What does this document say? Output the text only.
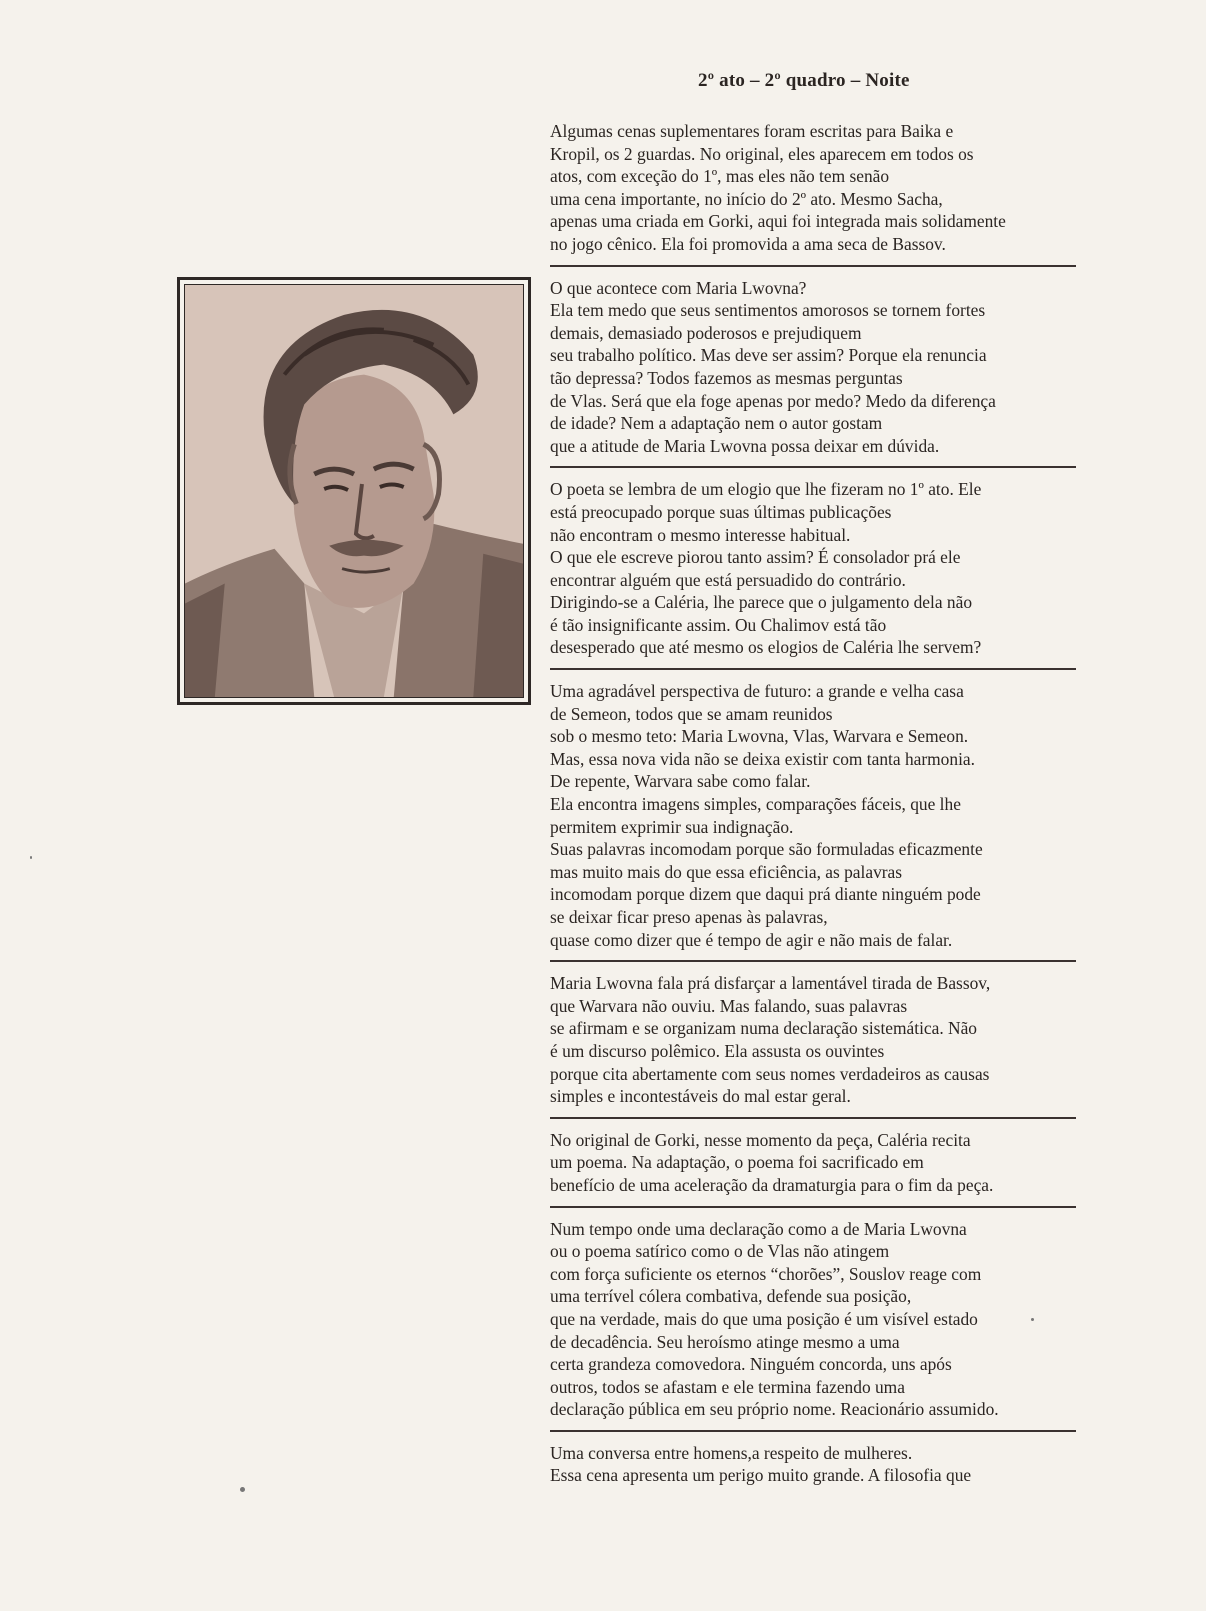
2º ato – 2º quadro – Noite

Algumas cenas suplementares foram escritas para Baika e

Kropil, os 2 guardas. No original, eles aparecem em todos os

atos, com exceção do 1º, mas eles não tem senão

uma cena importante, no início do 2º ato. Mesmo Sacha,

apenas uma criada em Gorki, aqui foi integrada mais solidamente

no jogo cênico. Ela foi promovida a ama seca de Bassov.

O que acontece com Maria Lwovna?

Ela tem medo que seus sentimentos amorosos se tornem fortes

demais, demasiado poderosos e prejudiquem

seu trabalho político. Mas deve ser assim? Porque ela renuncia

tão depressa? Todos fazemos as mesmas perguntas

de Vlas. Será que ela foge apenas por medo? Medo da diferença

de idade? Nem a adaptação nem o autor gostam

que a atitude de Maria Lwovna possa deixar em dúvida.

O poeta se lembra de um elogio que lhe fizeram no 1º ato. Ele

está preocupado porque suas últimas publicações

não encontram o mesmo interesse habitual.

O que ele escreve piorou tanto assim? É consolador prá ele

encontrar alguém que está persuadido do contrário.

Dirigindo-se a Caléria, lhe parece que o julgamento dela não

é tão insignificante assim. Ou Chalimov está tão

desesperado que até mesmo os elogios de Caléria lhe servem?

Uma agradável perspectiva de futuro: a grande e velha casa

de Semeon, todos que se amam reunidos

sob o mesmo teto: Maria Lwovna, Vlas, Warvara e Semeon.

Mas, essa nova vida não se deixa existir com tanta harmonia.

De repente, Warvara sabe como falar.

Ela encontra imagens simples, comparações fáceis, que lhe

permitem exprimir sua indignação.

Suas palavras incomodam porque são formuladas eficazmente

mas muito mais do que essa eficiência, as palavras

incomodam porque dizem que daqui prá diante ninguém pode

se deixar ficar preso apenas às palavras,

quase como dizer que é tempo de agir e não mais de falar.

Maria Lwovna fala prá disfarçar a lamentável tirada de Bassov,

que Warvara não ouviu. Mas falando, suas palavras

se afirmam e se organizam numa declaração sistemática. Não

é um discurso polêmico. Ela assusta os ouvintes

porque cita abertamente com seus nomes verdadeiros as causas

simples e incontestáveis do mal estar geral.

No original de Gorki, nesse momento da peça, Caléria recita

um poema. Na adaptação, o poema foi sacrificado em

benefício de uma aceleração da dramaturgia para o fim da peça.

Num tempo onde uma declaração como a de Maria Lwovna

ou o poema satírico como o de Vlas não atingem

com força suficiente os eternos “chorões”, Souslov reage com

uma terrível cólera combativa, defende sua posição,

que na verdade, mais do que uma posição é um visível estado

de decadência. Seu heroísmo atinge mesmo a uma

certa grandeza comovedora. Ninguém concorda, uns após

outros, todos se afastam e ele termina fazendo uma

declaração pública em seu próprio nome. Reacionário assumido.

Uma conversa entre homens,a respeito de mulheres.

Essa cena apresenta um perigo muito grande. A filosofia que
